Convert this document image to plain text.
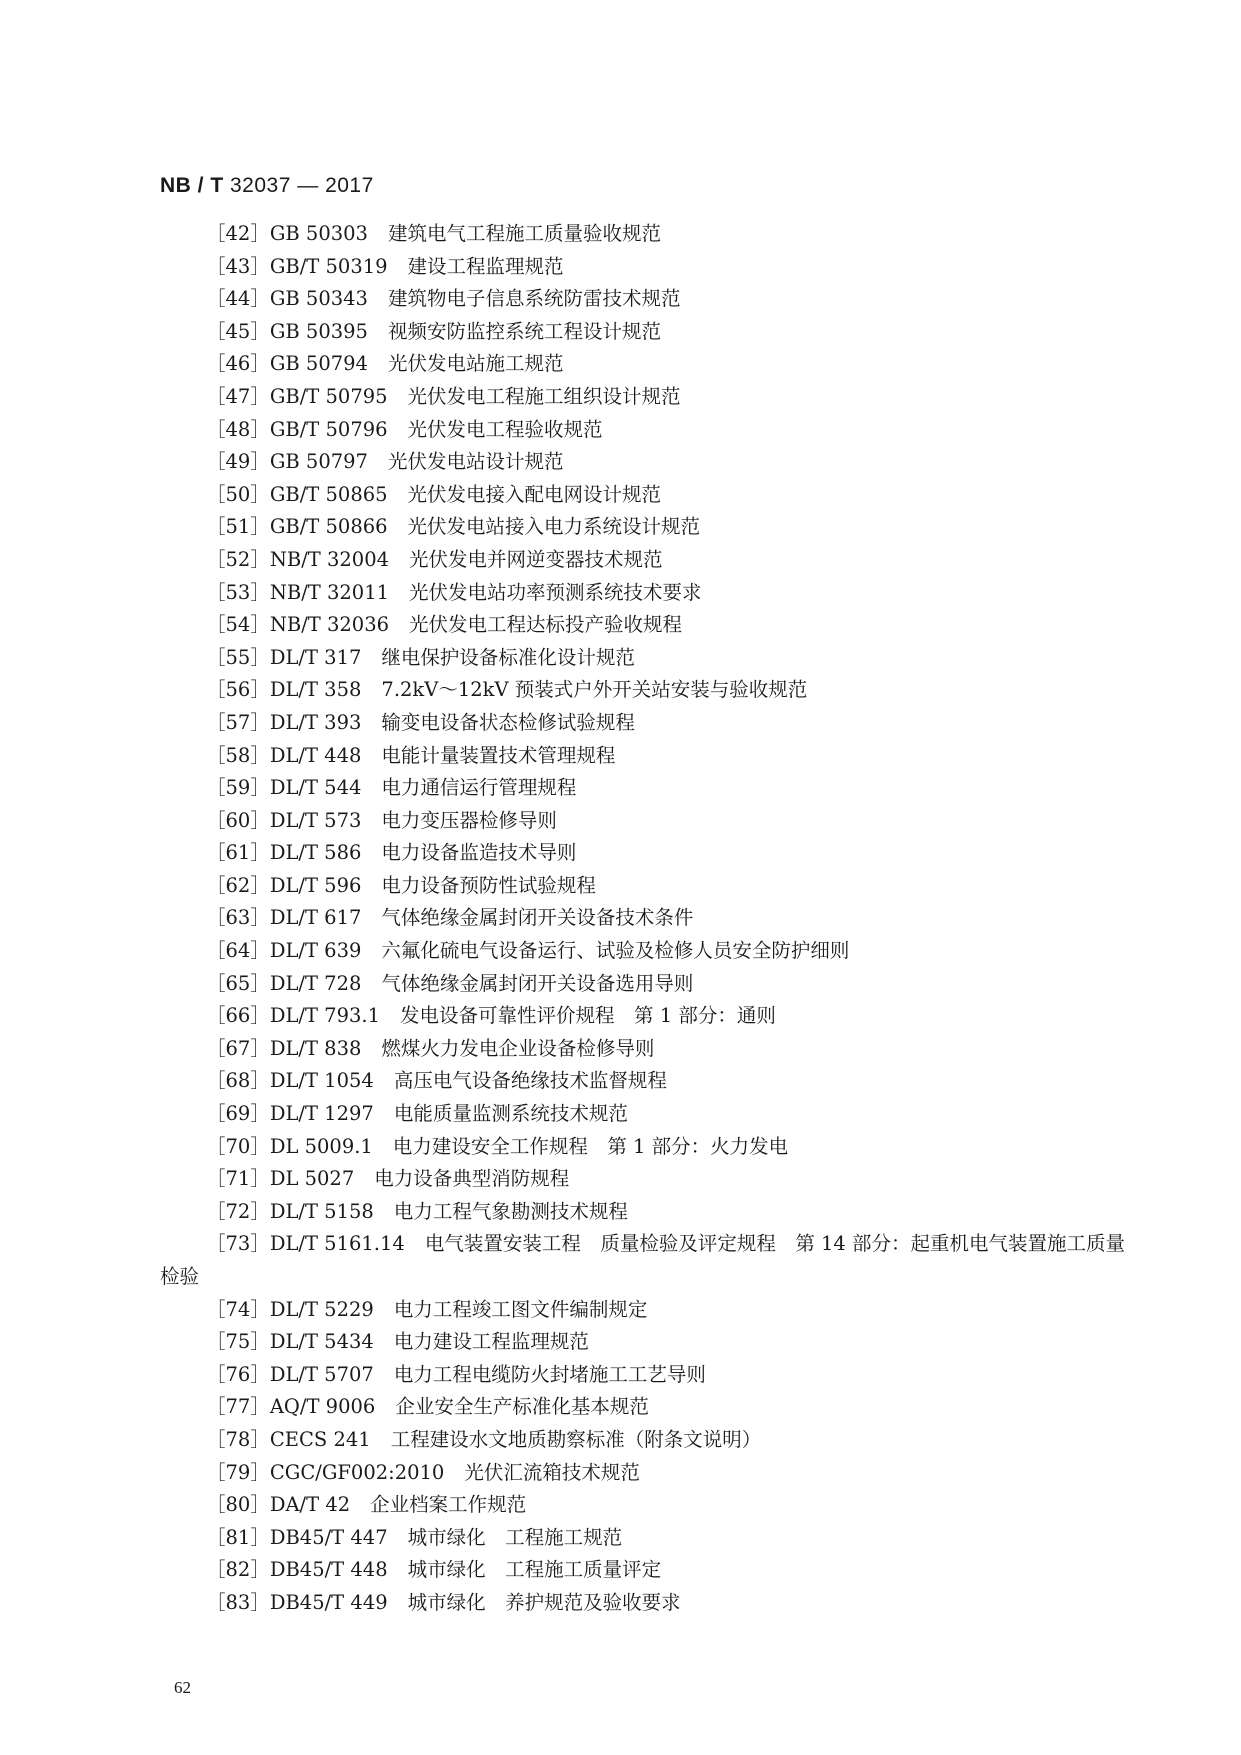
NB / T 32037 — 2017
［42］GB 50303 建筑电气工程施工质量验收规范
［43］GB/T 50319 建设工程监理规范
［44］GB 50343 建筑物电子信息系统防雷技术规范
［45］GB 50395 视频安防监控系统工程设计规范
［46］GB 50794 光伏发电站施工规范
［47］GB/T 50795 光伏发电工程施工组织设计规范
［48］GB/T 50796 光伏发电工程验收规范
［49］GB 50797 光伏发电站设计规范
［50］GB/T 50865 光伏发电接入配电网设计规范
［51］GB/T 50866 光伏发电站接入电力系统设计规范
［52］NB/T 32004 光伏发电并网逆变器技术规范
［53］NB/T 32011 光伏发电站功率预测系统技术要求
［54］NB/T 32036 光伏发电工程达标投产验收规程
［55］DL/T 317 继电保护设备标准化设计规范
［56］DL/T 358 7.2kV～12kV 预装式户外开关站安装与验收规范
［57］DL/T 393 输变电设备状态检修试验规程
［58］DL/T 448 电能计量装置技术管理规程
［59］DL/T 544 电力通信运行管理规程
［60］DL/T 573 电力变压器检修导则
［61］DL/T 586 电力设备监造技术导则
［62］DL/T 596 电力设备预防性试验规程
［63］DL/T 617 气体绝缘金属封闭开关设备技术条件
［64］DL/T 639 六氟化硫电气设备运行、试验及检修人员安全防护细则
［65］DL/T 728 气体绝缘金属封闭开关设备选用导则
［66］DL/T 793.1 发电设备可靠性评价规程　第 1 部分：通则
［67］DL/T 838 燃煤火力发电企业设备检修导则
［68］DL/T 1054 高压电气设备绝缘技术监督规程
［69］DL/T 1297 电能质量监测系统技术规范
［70］DL 5009.1 电力建设安全工作规程　第 1 部分：火力发电
［71］DL 5027 电力设备典型消防规程
［72］DL/T 5158 电力工程气象勘测技术规程
［73］DL/T 5161.14 电气装置安装工程　质量检验及评定规程　第 14 部分：起重机电气装置施工质量检验
［74］DL/T 5229 电力工程竣工图文件编制规定
［75］DL/T 5434 电力建设工程监理规范
［76］DL/T 5707 电力工程电缆防火封堵施工工艺导则
［77］AQ/T 9006 企业安全生产标准化基本规范
［78］CECS 241 工程建设水文地质勘察标准（附条文说明）
［79］CGC/GF002:2010 光伏汇流箱技术规范
［80］DA/T 42 企业档案工作规范
［81］DB45/T 447 城市绿化　工程施工规范
［82］DB45/T 448 城市绿化　工程施工质量评定
［83］DB45/T 449 城市绿化　养护规范及验收要求
62
